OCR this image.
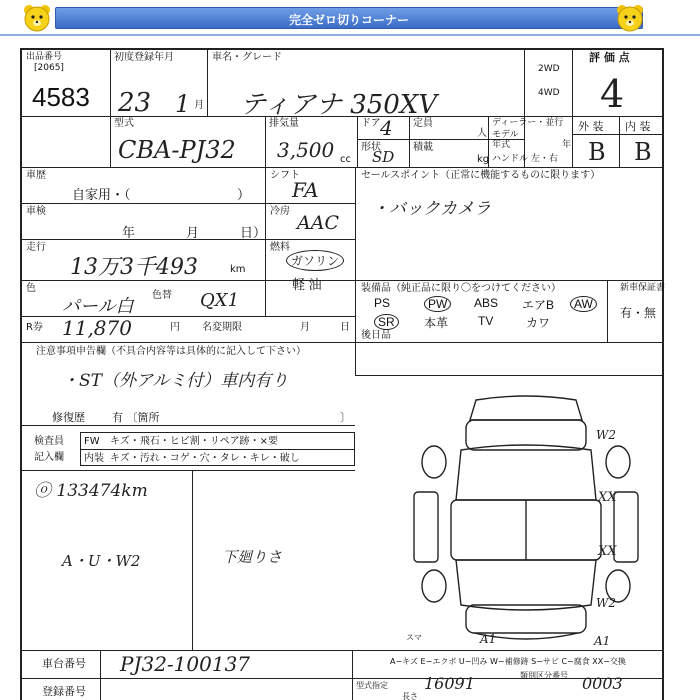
完全ゼロ切りコーナー
出品番号
[2065]
4583
初度登録年月
23 1 月
車名・グレード
ティアナ 350XV
2WD
4WD
評 価 点
4
外 装 内 装
B B
型式
CBA-PJ32
排気量
3,500 cc
ドア 4 定員
人
形状
SD
積載
kg
ディーラー・並行
モデル
年式	年
ハンドル 左・右
車歴
自家用・（	）
シフト
FA
セールスポイント（正常に機能するものに限ります）
・バックカメラ
車検
年	月	日）
冷房
AAC
走行
13万3千493	km
燃料
ガソリン
軽 油
色
パール白
色替 QX1
装備品（純正品に限り〇をつけてください）	新車保証書
有・無
PS	PW	ABS エアB	AW
SR	本革 TV	カワ
R券 11,870	円 名変期限	月	日
後日品
注意事項申告欄（不具合内容等は具体的に記入して下さい）
・ST（外アルミ付）車内有り
修復歴 有 〔箇所	〕
検査員
記入欄
FW キズ・飛石・ヒビ割・リペア跡・×要
内装 キズ・汚れ・コゲ・穴・タレ・キレ・破し
ⓞ 133474km
A・U・W2	下廻りさ
W2
XX
XX
W2
A1	A1
スマ
A−キズ E−エクボ U−凹み W−補修跡 S−サビ C−腐食 XX−交換
車台番号 PJ32-100137
登録番号	型式指定 16091	類別区分番号 0003
長さ
